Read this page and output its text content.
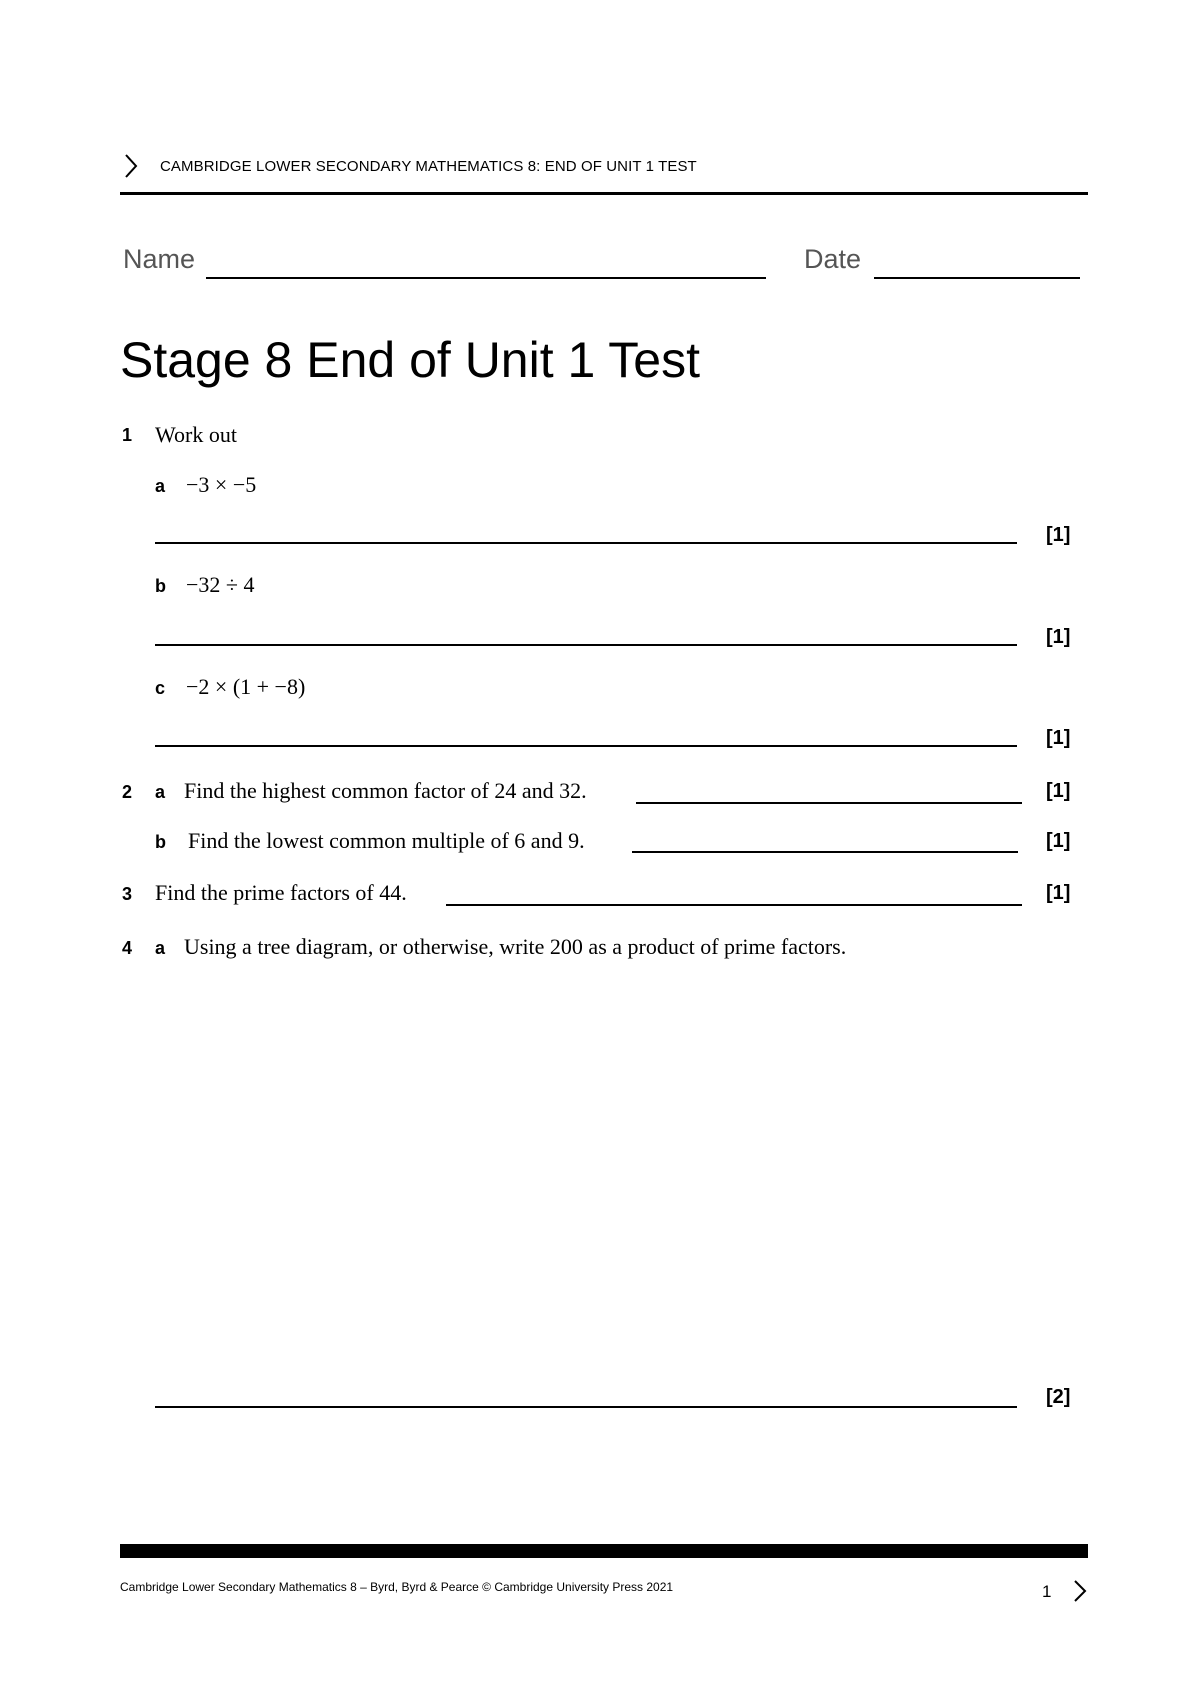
CAMBRIDGE LOWER SECONDARY MATHEMATICS 8: END OF UNIT 1 TEST
Name	Date
Stage 8 End of Unit 1 Test
1 Work out
a −3 × −5
[1]
b −32 ÷ 4
[1]
c −2 × (1 + −8)
[1]
2 a Find the highest common factor of 24 and 32.	[1]
b Find the lowest common multiple of 6 and 9.	[1]
3 Find the prime factors of 44.	[1]
4 a Using a tree diagram, or otherwise, write 200 as a product of prime factors.
[2]
Cambridge Lower Secondary Mathematics 8 – Byrd, Byrd & Pearce © Cambridge University Press 2021	1
